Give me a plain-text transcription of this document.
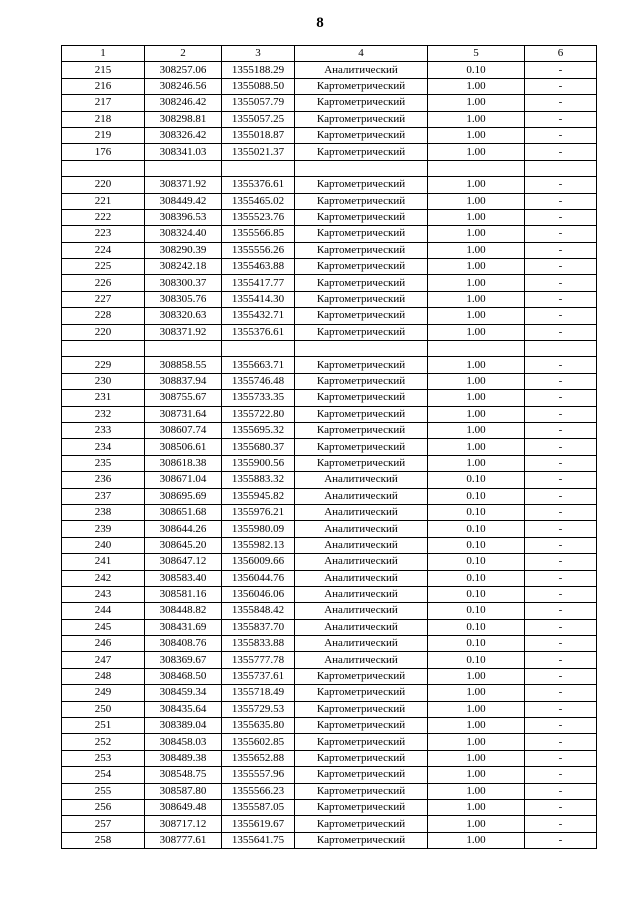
8
1	2	3	4	5	6
215	308257.06	1355188.29	Аналитический	0.10	-
216	308246.56	1355088.50	Картометрический	1.00	-
217	308246.42	1355057.79	Картометрический	1.00	-
218	308298.81	1355057.25	Картометрический	1.00	-
219	308326.42	1355018.87	Картометрический	1.00	-
176	308341.03	1355021.37	Картометрический	1.00	-

220	308371.92	1355376.61	Картометрический	1.00	-
221	308449.42	1355465.02	Картометрический	1.00	-
222	308396.53	1355523.76	Картометрический	1.00	-
223	308324.40	1355566.85	Картометрический	1.00	-
224	308290.39	1355556.26	Картометрический	1.00	-
225	308242.18	1355463.88	Картометрический	1.00	-
226	308300.37	1355417.77	Картометрический	1.00	-
227	308305.76	1355414.30	Картометрический	1.00	-
228	308320.63	1355432.71	Картометрический	1.00	-
220	308371.92	1355376.61	Картометрический	1.00	-

229	308858.55	1355663.71	Картометрический	1.00	-
230	308837.94	1355746.48	Картометрический	1.00	-
231	308755.67	1355733.35	Картометрический	1.00	-
232	308731.64	1355722.80	Картометрический	1.00	-
233	308607.74	1355695.32	Картометрический	1.00	-
234	308506.61	1355680.37	Картометрический	1.00	-
235	308618.38	1355900.56	Картометрический	1.00	-
236	308671.04	1355883.32	Аналитический	0.10	-
237	308695.69	1355945.82	Аналитический	0.10	-
238	308651.68	1355976.21	Аналитический	0.10	-
239	308644.26	1355980.09	Аналитический	0.10	-
240	308645.20	1355982.13	Аналитический	0.10	-
241	308647.12	1356009.66	Аналитический	0.10	-
242	308583.40	1356044.76	Аналитический	0.10	-
243	308581.16	1356046.06	Аналитический	0.10	-
244	308448.82	1355848.42	Аналитический	0.10	-
245	308431.69	1355837.70	Аналитический	0.10	-
246	308408.76	1355833.88	Аналитический	0.10	-
247	308369.67	1355777.78	Аналитический	0.10	-
248	308468.50	1355737.61	Картометрический	1.00	-
249	308459.34	1355718.49	Картометрический	1.00	-
250	308435.64	1355729.53	Картометрический	1.00	-
251	308389.04	1355635.80	Картометрический	1.00	-
252	308458.03	1355602.85	Картометрический	1.00	-
253	308489.38	1355652.88	Картометрический	1.00	-
254	308548.75	1355557.96	Картометрический	1.00	-
255	308587.80	1355566.23	Картометрический	1.00	-
256	308649.48	1355587.05	Картометрический	1.00	-
257	308717.12	1355619.67	Картометрический	1.00	-
258	308777.61	1355641.75	Картометрический	1.00	-
